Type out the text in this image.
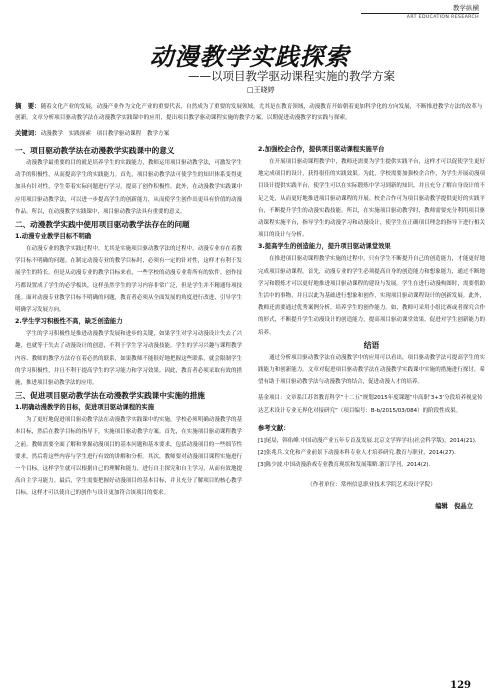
教学纵横
ART EDUCATION RESEARCH
动漫教学实践探索
——以项目教学驱动课程实施的教学方案
□王晓婷
摘　要：随着文化产业的发展，动漫产业作为文化产业的重要代表，自然成为了重要的发展领域。尤其是在教育领域，动漫教育开始朝着更加科学化的方向发展，不断推进教学方法的改革与创新。文章分析项目驱动教学法在动漫教学实践课中的应用，提出项目教学驱动课程实施的教学方案，以期促进动漫教学的实践与探索。
关键词：动漫教学　实践探索　项目教学驱动课程　教学方案
一、项目驱动教学法在动漫教学实践课中的意义

动漫教学最重要的目的就是培养学生的实践能力，教师运用项目驱动教学法，可激发学生动手的积极性，从而提高学生的实践能力。首先，项目驱动教学法可使学生的知识体系变得更加具有针对性，学生带着实际问题进行学习，提高了创作积极性。此外，在动漫教学实践课中应用项目驱动教学法，可以进一步提高学生的创新能力，从而使学生创作出更具有价值的动漫作品。所以，在动漫教学实践课中，项目驱动教学法具有重要的意义。

二、动漫教学实践中使用项目驱动教学法存在的问题
1.动漫专业教学目标不明确

在动漫专业的教学实践过程中，尤其是实施项目驱动教学法的过程中，动漫专业存在着教学目标不明确的问题。在制定动漫专业的教学目标时，必须有一定的针对性，这样才有利于发展学生的特长。但是从动漫专业的教学目标来看，一些学校的动漫专业将所有的软件、创作技巧都设置成了学生的必学板块，这样虽然学生的学习内容非常广泛，但是学生并不精通每项技能。面对动漫专业教学目标不明确的问题，教育者必须从全面发展的角度进行改进，引导学生明确学习发展方向。

2.学生学习积极性不高，缺乏创造能力

学生的学习积极性是推进动漫教学发展和进步的关键，如果学生对学习动漫设计失去了兴趣，也就等于失去了动漫设计的创意，不利于学生学习动漫技能。学生的学习兴趣与课程教学内容、教师的教学方法存在着必然的联系，如果教师不能很好地把握这些联系，就会限制学生的学习积极性，并且不利于提高学生的学习能力和学习效果。因此，教育者必须采取有效的措施，推进项目驱动教学法的应用。

三、促进项目驱动教学法在动漫教学实践课中实施的措施
1.明确动漫教学的目标，促进项目驱动课程的实施

为了更好地促进项目驱动教学法在动漫教学实践课中的实施，学校必须明确动漫教学的基本目标，然后在教学目标的指导下，实施项目驱动教学方案。首先，在实施项目驱动课程教学之前，教师需要全面了解和掌握动漫项目的基本问题和基本要求，包括动漫项目的一些细节性要求，然后将这些内容与学生进行有效的讲解和分析。其次，教师要对动漫项目课程实施进行一个目标，这样学生就可以根据自己的理解和能力，进行自主探究和自主学习，从而有效地提高自主学习能力。最后，学生需要把握好动漫项目的基本目标，并且充分了解项目的核心教学目标，这样才可以使自己的创作与设计更加符合该项目的要求。

2.加强校企合作，提供项目驱动课程实施平台

在开展项目驱动课程教学中，教师还需要为学生提供实践平台，这样才可以促使学生更好地完成项目的设计，获得很佳的实践效果。为此，学校需要加强校企合作，为学生开展动漫项目设计提供实践平台，使学生可以在实际锻炼中学习到新的知识，并且充分了解自身设计的不足之处，从而更好地推进项目驱动课程的开展。校企合作可为项目驱动教学提供更好的实践平台，不断提升学生的动漫实践技能。所以，在实施项目驱动教学时，教师需要充分利用项目驱动课程实施平台，指导学生的动漫学习和动漫设计，使学生在正确项目理念的指导下进行相关项目的设计与分析。

3.提高学生的创造能力，提升项目驱动课堂效果

在推进项目驱动课程教学实施的过程中，只有学生不断提升自己的创造能力，才能更好地完成项目驱动课程。首先，动漫专业的学生必须提高自身的创造能力和想象能力，通过不断地学习和锻炼才可以更好地推进项目驱动课程的建设与发展。学生在进行动漫构图时，需要借助生活中的事物，并且以此为基础进行想象和创作，实现项目驱动课程设计的创新发展。此外，教师还需要通过优秀案例分析，培养学生的创作能力。如，教师可采用小组比赛或者探究合作的形式，不断提升学生动漫设计的创造能力，提高项目驱动课堂效果，促进对学生创新能力的培养。

结语

通过分析项目驱动教学法在动漫教学中的应用可以看出，项目驱动教学法可提高学生的实践能力和创新能力。文章对促进项目驱动教学法在动漫教学实践课中实施的措施进行探讨，希望有助于项目驱动教学法与动漫教学的结合，促进动漫人才的培养。

基金项目：文章系江苏省教育科学“十二五”规划2015年度课题“中高职‘3+3’分段培养视觉传达艺术设计专业无界化对接研究”（项目编号：B-b/2015/03/084）的阶段性成果。
参考文献：
[1]尾局，韩佑峰.中国动漫产业五年专首及发展.北京文学界学社(社会科学版)，2014(21).
[2]张兆兵.文化和产业前景下动漫本科专业人才培养研究.教育与职业，2014(27).
[3]陈少波.中国动漫游戏专业教育现状和发展策略.浙江学刊，2014(2).
（作者单位：常州信息职业技术学院艺术设计学院）
编辑　倪晶立
129
